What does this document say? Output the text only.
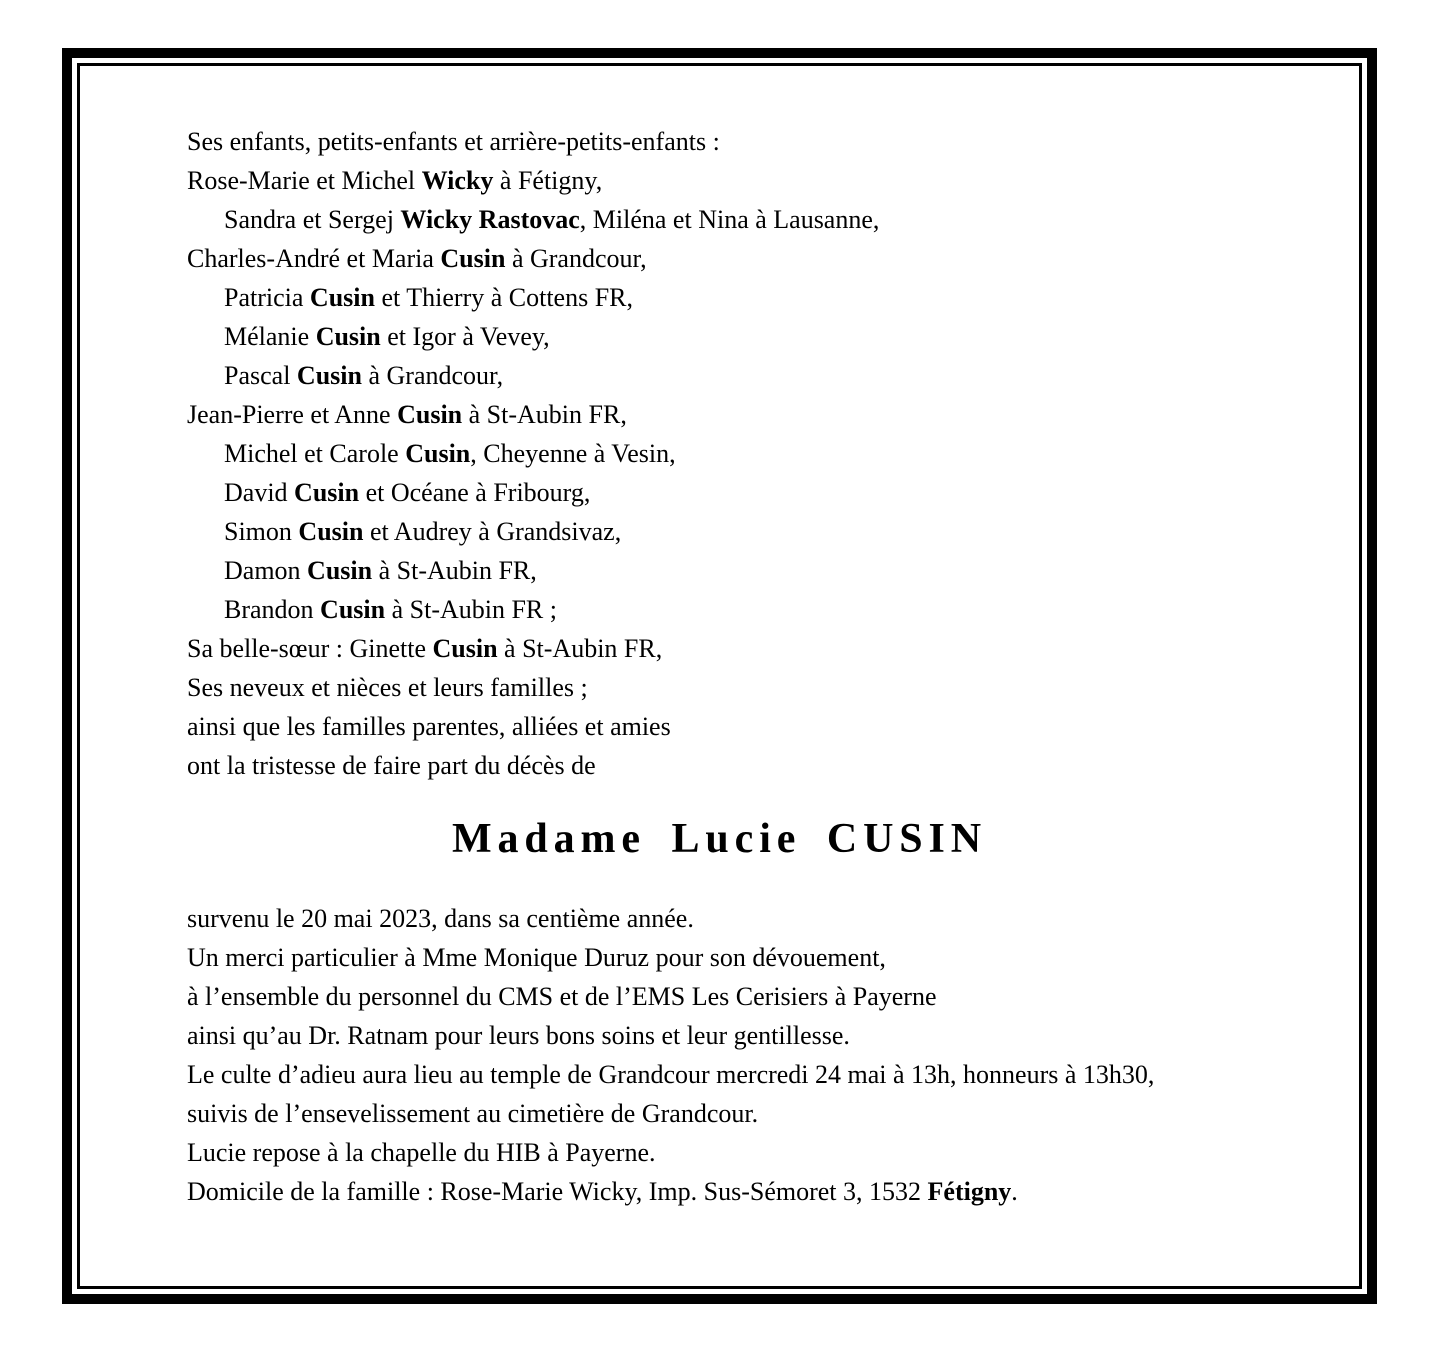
Ses enfants, petits-enfants et arrière-petits-enfants :
Rose-Marie et Michel Wicky à Fétigny,
Sandra et Sergej Wicky Rastovac, Miléna et Nina à Lausanne,
Charles-André et Maria Cusin à Grandcour,
Patricia Cusin et Thierry à Cottens FR,
Mélanie Cusin et Igor à Vevey,
Pascal Cusin à Grandcour,
Jean-Pierre et Anne Cusin à St-Aubin FR,
Michel et Carole Cusin, Cheyenne à Vesin,
David Cusin et Océane à Fribourg,
Simon Cusin et Audrey à Grandsivaz,
Damon Cusin à St-Aubin FR,
Brandon Cusin à St-Aubin FR ;
Sa belle-sœur : Ginette Cusin à St-Aubin FR,
Ses neveux et nièces et leurs familles ;
ainsi que les familles parentes, alliées et amies
ont la tristesse de faire part du décès de
Madame Lucie CUSIN
survenu le 20 mai 2023, dans sa centième année.
Un merci particulier à Mme Monique Duruz pour son dévouement,
à l’ensemble du personnel du CMS et de l’EMS Les Cerisiers à Payerne
ainsi qu’au Dr. Ratnam pour leurs bons soins et leur gentillesse.
Le culte d’adieu aura lieu au temple de Grandcour mercredi 24 mai à 13h, honneurs à 13h30,
suivis de l’ensevelissement au cimetière de Grandcour.
Lucie repose à la chapelle du HIB à Payerne.
Domicile de la famille : Rose-Marie Wicky, Imp. Sus-Sémoret 3, 1532 Fétigny.
